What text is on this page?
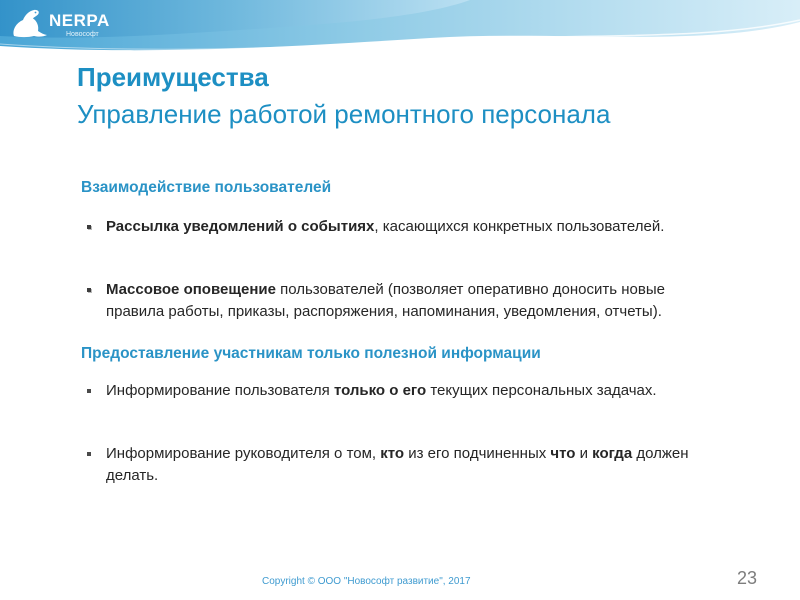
NERPA
Новософт
Преимущества
Управление работой ремонтного персонала
Взаимодействие пользователей
Рассылка уведомлений о событиях, касающихся конкретных пользователей.
Массовое оповещение пользователей (позволяет оперативно доносить новые правила работы, приказы, распоряжения, напоминания, уведомления, отчеты).
Предоставление участникам только полезной информации
Информирование пользователя только о его текущих персональных задачах.
Информирование руководителя о том, кто из его подчиненных что и когда должен делать.
Copyright © ООО "Новософт развитие", 2017	23
